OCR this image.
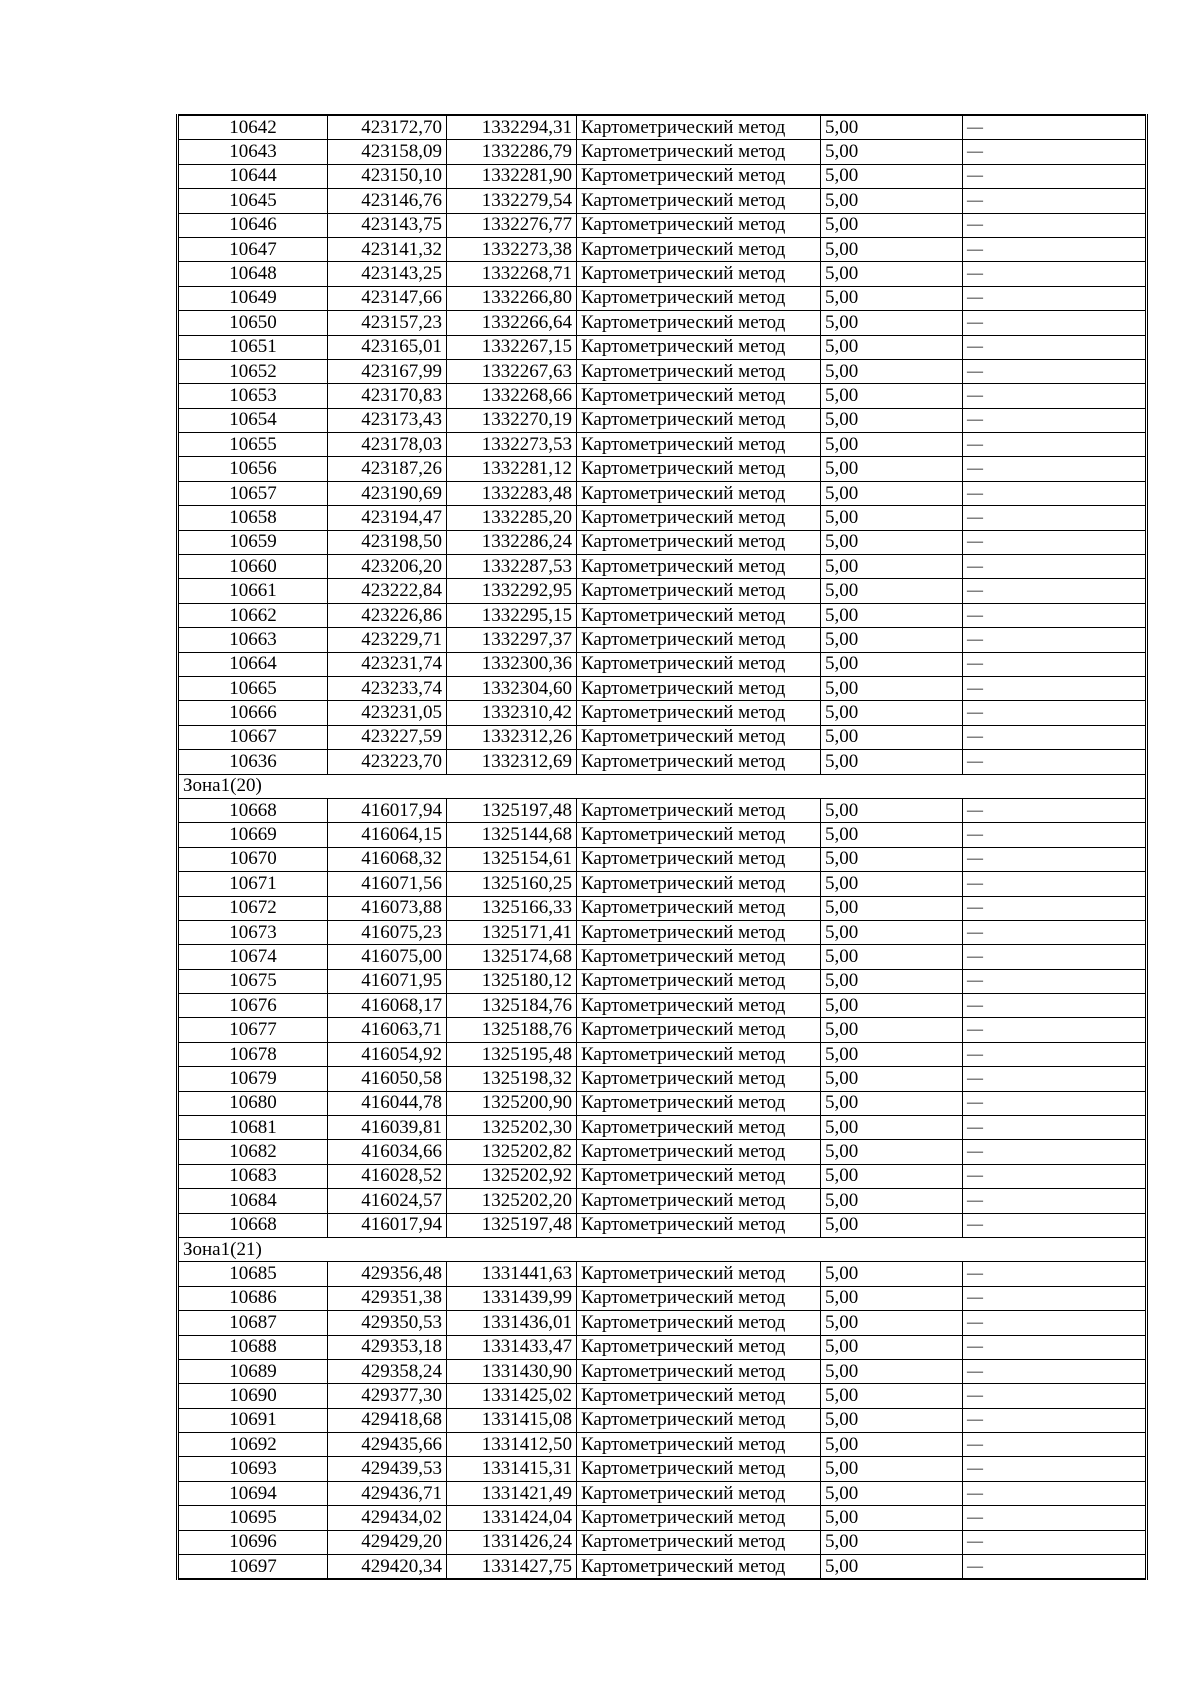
10642	423172,70	1332294,31	Картометрический метод	5,00	—
10643	423158,09	1332286,79	Картометрический метод	5,00	—
10644	423150,10	1332281,90	Картометрический метод	5,00	—
10645	423146,76	1332279,54	Картометрический метод	5,00	—
10646	423143,75	1332276,77	Картометрический метод	5,00	—
10647	423141,32	1332273,38	Картометрический метод	5,00	—
10648	423143,25	1332268,71	Картометрический метод	5,00	—
10649	423147,66	1332266,80	Картометрический метод	5,00	—
10650	423157,23	1332266,64	Картометрический метод	5,00	—
10651	423165,01	1332267,15	Картометрический метод	5,00	—
10652	423167,99	1332267,63	Картометрический метод	5,00	—
10653	423170,83	1332268,66	Картометрический метод	5,00	—
10654	423173,43	1332270,19	Картометрический метод	5,00	—
10655	423178,03	1332273,53	Картометрический метод	5,00	—
10656	423187,26	1332281,12	Картометрический метод	5,00	—
10657	423190,69	1332283,48	Картометрический метод	5,00	—
10658	423194,47	1332285,20	Картометрический метод	5,00	—
10659	423198,50	1332286,24	Картометрический метод	5,00	—
10660	423206,20	1332287,53	Картометрический метод	5,00	—
10661	423222,84	1332292,95	Картометрический метод	5,00	—
10662	423226,86	1332295,15	Картометрический метод	5,00	—
10663	423229,71	1332297,37	Картометрический метод	5,00	—
10664	423231,74	1332300,36	Картометрический метод	5,00	—
10665	423233,74	1332304,60	Картометрический метод	5,00	—
10666	423231,05	1332310,42	Картометрический метод	5,00	—
10667	423227,59	1332312,26	Картометрический метод	5,00	—
10636	423223,70	1332312,69	Картометрический метод	5,00	—
Зона1(20)					
10668	416017,94	1325197,48	Картометрический метод	5,00	—
10669	416064,15	1325144,68	Картометрический метод	5,00	—
10670	416068,32	1325154,61	Картометрический метод	5,00	—
10671	416071,56	1325160,25	Картометрический метод	5,00	—
10672	416073,88	1325166,33	Картометрический метод	5,00	—
10673	416075,23	1325171,41	Картометрический метод	5,00	—
10674	416075,00	1325174,68	Картометрический метод	5,00	—
10675	416071,95	1325180,12	Картометрический метод	5,00	—
10676	416068,17	1325184,76	Картометрический метод	5,00	—
10677	416063,71	1325188,76	Картометрический метод	5,00	—
10678	416054,92	1325195,48	Картометрический метод	5,00	—
10679	416050,58	1325198,32	Картометрический метод	5,00	—
10680	416044,78	1325200,90	Картометрический метод	5,00	—
10681	416039,81	1325202,30	Картометрический метод	5,00	—
10682	416034,66	1325202,82	Картометрический метод	5,00	—
10683	416028,52	1325202,92	Картометрический метод	5,00	—
10684	416024,57	1325202,20	Картометрический метод	5,00	—
10668	416017,94	1325197,48	Картометрический метод	5,00	—
Зона1(21)					
10685	429356,48	1331441,63	Картометрический метод	5,00	—
10686	429351,38	1331439,99	Картометрический метод	5,00	—
10687	429350,53	1331436,01	Картометрический метод	5,00	—
10688	429353,18	1331433,47	Картометрический метод	5,00	—
10689	429358,24	1331430,90	Картометрический метод	5,00	—
10690	429377,30	1331425,02	Картометрический метод	5,00	—
10691	429418,68	1331415,08	Картометрический метод	5,00	—
10692	429435,66	1331412,50	Картометрический метод	5,00	—
10693	429439,53	1331415,31	Картометрический метод	5,00	—
10694	429436,71	1331421,49	Картометрический метод	5,00	—
10695	429434,02	1331424,04	Картометрический метод	5,00	—
10696	429429,20	1331426,24	Картометрический метод	5,00	—
10697	429420,34	1331427,75	Картометрический метод	5,00	—
